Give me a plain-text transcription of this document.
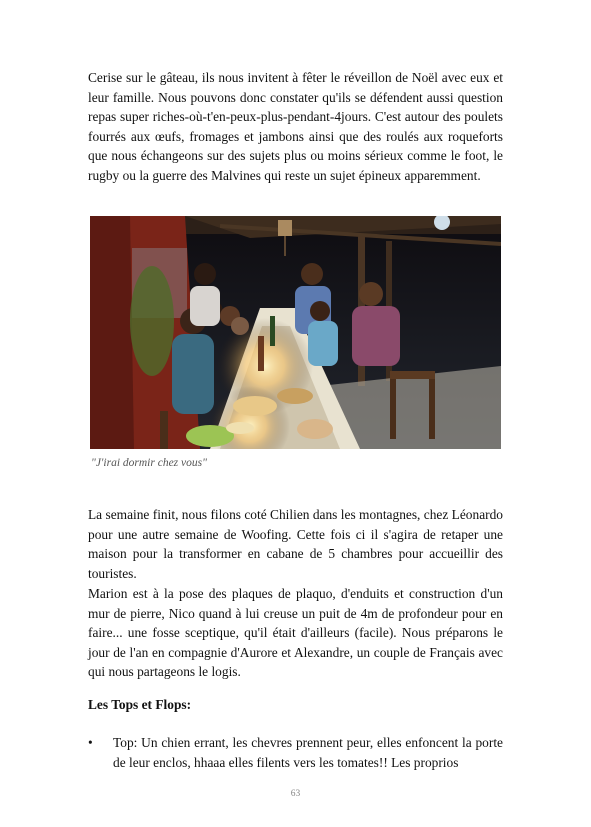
Cerise sur le gâteau, ils nous invitent à fêter le réveillon de Noël avec eux et leur famille. Nous pouvons donc constater qu'ils se défendent aussi question repas super riches-où-t'en-peux-plus-pendant-4jours. C'est autour des poulets fourrés aux œufs, fromages et jambons ainsi que des roulés aux roqueforts que nous échangeons sur des sujets plus ou moins sérieux comme le foot, le rugby ou la guerre des Malvines qui reste un sujet épineux apparemment.

"J'irai dormir chez vous"

La semaine finit, nous filons coté Chilien dans les montagnes, chez Léonardo pour une autre semaine de Woofing. Cette fois ci il s'agira de retaper une maison pour la transformer en cabane de 5 chambres pour accueillir des touristes.

Marion est à la pose des plaques de plaquo, d'enduits et construction d'un mur de pierre, Nico quand à lui creuse un puit de 4m de profondeur pour en faire... une fosse sceptique, qu'il était d'ailleurs (facile). Nous préparons le jour de l'an en compagnie d'Aurore et Alexandre, un couple de Français avec qui nous partageons le logis.

Les Tops et Flops:

•	Top: Un chien errant, les chevres prennent peur, elles enfoncent la porte de leur enclos, hhaaa elles filents vers les tomates!! Les proprios

63
